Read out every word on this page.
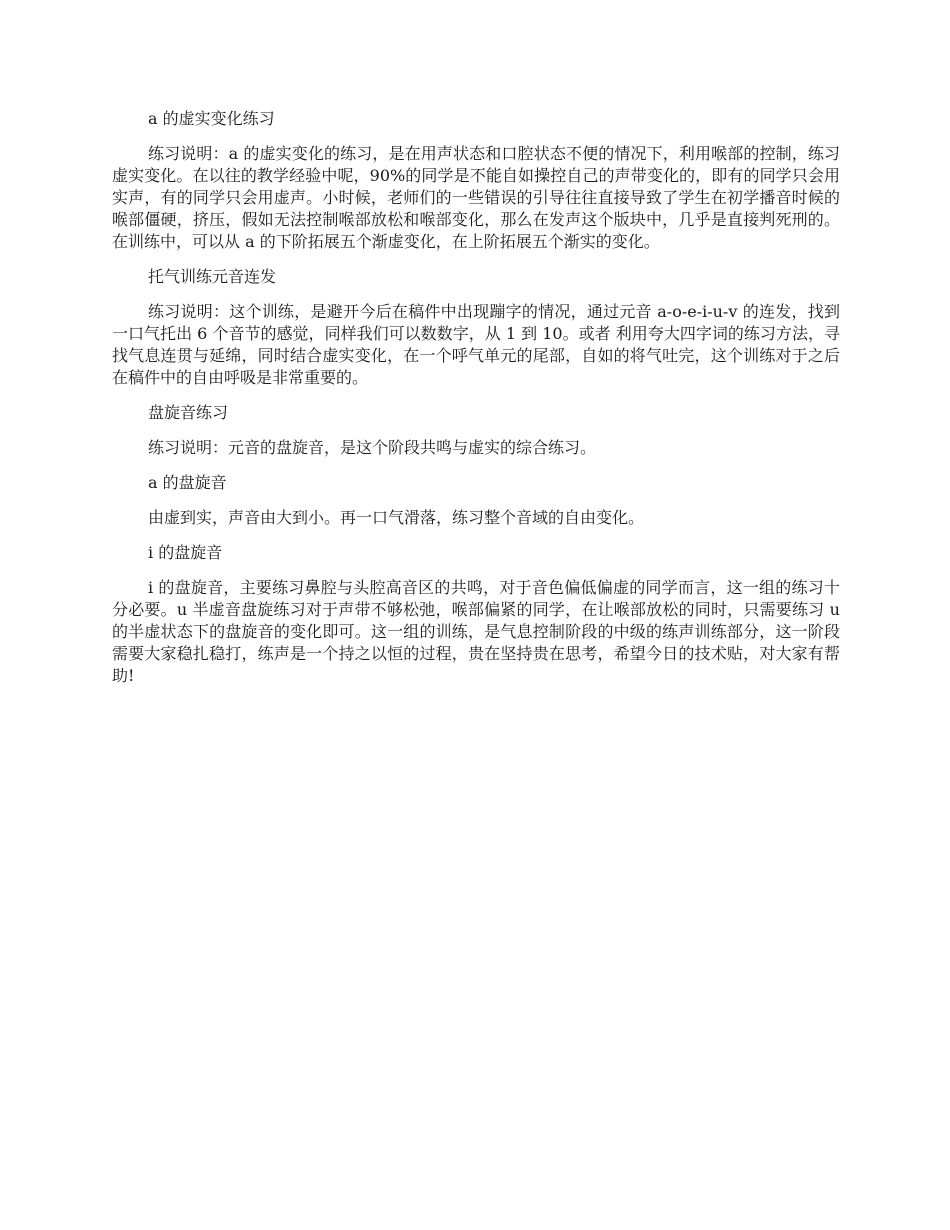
a 的虚实变化练习

练习说明：a 的虚实变化的练习，是在用声状态和口腔状态不便的情况下，利用喉部的控制，练习虚实变化。在以往的教学经验中呢，90%的同学是不能自如操控自己的声带变化的，即有的同学只会用实声，有的同学只会用虚声。小时候，老师们的一些错误的引导往往直接导致了学生在初学播音时候的喉部僵硬，挤压，假如无法控制喉部放松和喉部变化，那么在发声这个版块中，几乎是直接判死刑的。在训练中，可以从 a 的下阶拓展五个渐虚变化，在上阶拓展五个渐实的变化。

托气训练元音连发

练习说明：这个训练，是避开今后在稿件中出现蹦字的情况，通过元音 a-o-e-i-u-v 的连发，找到一口气托出 6 个音节的感觉，同样我们可以数数字，从 1 到 10。或者 利用夸大四字词的练习方法，寻找气息连贯与延绵，同时结合虚实变化，在一个呼气单元的尾部，自如的将气吐完，这个训练对于之后在稿件中的自由呼吸是非常重要的。

盘旋音练习

练习说明：元音的盘旋音，是这个阶段共鸣与虚实的综合练习。

a 的盘旋音

由虚到实，声音由大到小。再一口气滑落，练习整个音域的自由变化。

i 的盘旋音

i 的盘旋音，主要练习鼻腔与头腔高音区的共鸣，对于音色偏低偏虚的同学而言，这一组的练习十分必要。u 半虚音盘旋练习对于声带不够松弛，喉部偏紧的同学，在让喉部放松的同时，只需要练习 u 的半虚状态下的盘旋音的变化即可。这一组的训练，是气息控制阶段的中级的练声训练部分，这一阶段需要大家稳扎稳打，练声是一个持之以恒的过程，贵在坚持贵在思考，希望今日的技术贴，对大家有帮助!
